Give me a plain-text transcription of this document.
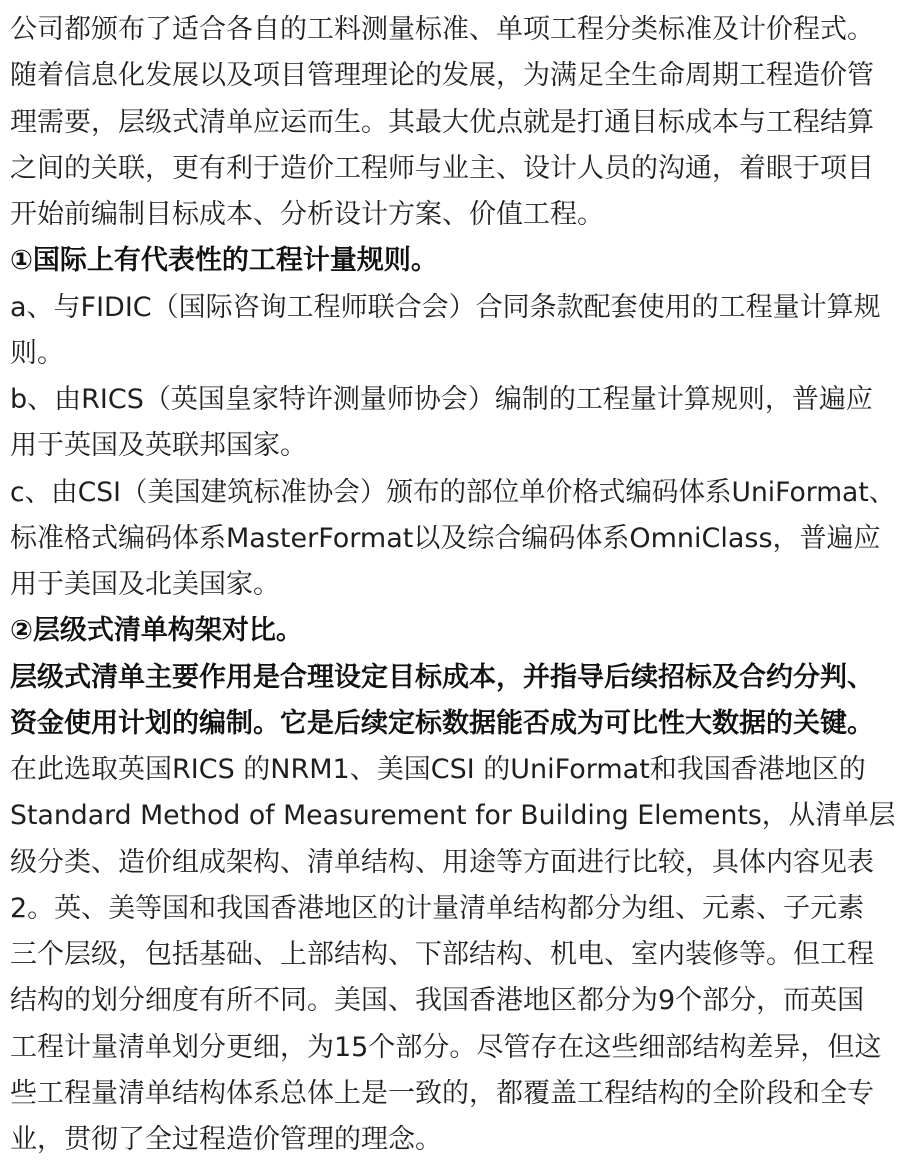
公司都颁布了适合各自的工料测量标准、单项工程分类标准及计价程式。
随着信息化发展以及项目管理理论的发展，为满足全生命周期工程造价管
理需要，层级式清单应运而生。其最大优点就是打通目标成本与工程结算
之间的关联，更有利于造价工程师与业主、设计人员的沟通，着眼于项目
开始前编制目标成本、分析设计方案、价值工程。
①国际上有代表性的工程计量规则。
a、与FIDIC（国际咨询工程师联合会）合同条款配套使用的工程量计算规
则。
b、由RICS（英国皇家特许测量师协会）编制的工程量计算规则，普遍应
用于英国及英联邦国家。
c、由CSI（美国建筑标准协会）颁布的部位单价格式编码体系UniFormat、
标准格式编码体系MasterFormat以及综合编码体系OmniClass，普遍应
用于美国及北美国家。
②层级式清单构架对比。
层级式清单主要作用是合理设定目标成本，并指导后续招标及合约分判、
资金使用计划的编制。它是后续定标数据能否成为可比性大数据的关键。
在此选取英国RICS 的NRM1、美国CSI 的UniFormat和我国香港地区的
Standard Method of Measurement for Building Elements，从清单层
级分类、造价组成架构、清单结构、用途等方面进行比较，具体内容见表
2。英、美等国和我国香港地区的计量清单结构都分为组、元素、子元素
三个层级，包括基础、上部结构、下部结构、机电、室内装修等。但工程
结构的划分细度有所不同。美国、我国香港地区都分为9个部分，而英国
工程计量清单划分更细，为15个部分。尽管存在这些细部结构差异，但这
些工程量清单结构体系总体上是一致的，都覆盖工程结构的全阶段和全专
业，贯彻了全过程造价管理的理念。
